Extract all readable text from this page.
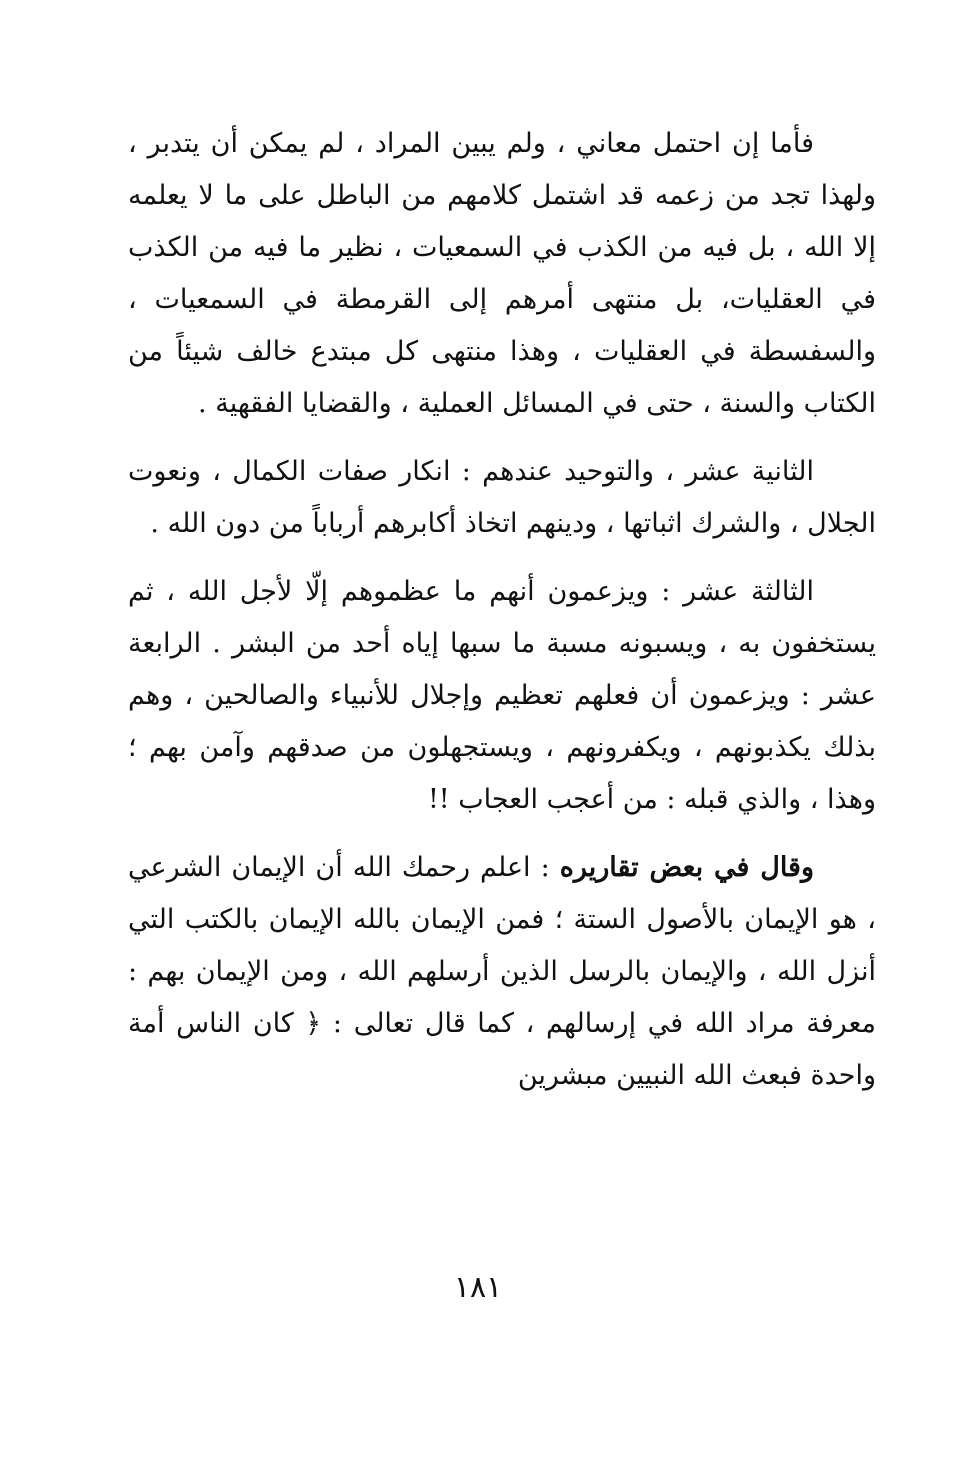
فأما إن احتمل معاني ، ولم يبين المراد ، لم يمكن أن يتدبر ، ولهذا تجد من زعمه قد اشتمل كلامهم من الباطل على ما لا يعلمه إلا الله ، بل فيه من الكذب في السمعيات ، نظير ما فيه من الكذب في العقليات، بل منتهى أمرهم إلى القرمطة في السمعيات ، والسفسطة في العقليات ، وهذا منتهى كل مبتدع خالف شيئاً من الكتاب والسنة ، حتى في المسائل العملية ، والقضايا الفقهية .

الثانية عشر ، والتوحيد عندهم : انكار صفات الكمال ، ونعوت الجلال ، والشرك اثباتها ، ودينهم اتخاذ أكابرهم أرباباً من دون الله .

الثالثة عشر : ويزعمون أنهم ما عظموهم إلّا لأجل الله ، ثم يستخفون به ، ويسبونه مسبة ما سبها إياه أحد من البشر . الرابعة عشر : ويزعمون أن فعلهم تعظيم وإجلال للأنبياء والصالحين ، وهم بذلك يكذبونهم ، ويكفرونهم ، ويستجهلون من صدقهم وآمن بهم ؛ وهذا ، والذي قبله : من أعجب العجاب !!

وقال في بعض تقاريره : اعلم رحمك الله أن الإيمان الشرعي ، هو الإيمان بالأصول الستة ؛ فمن الإيمان بالله الإيمان بالكتب التي أنزل الله ، والإيمان بالرسل الذين أرسلهم الله ، ومن الإيمان بهم : معرفة مراد الله في إرسالهم ، كما قال تعالى : ﴿ كان الناس أمة واحدة فبعث الله النبيين مبشرين

١٨١
